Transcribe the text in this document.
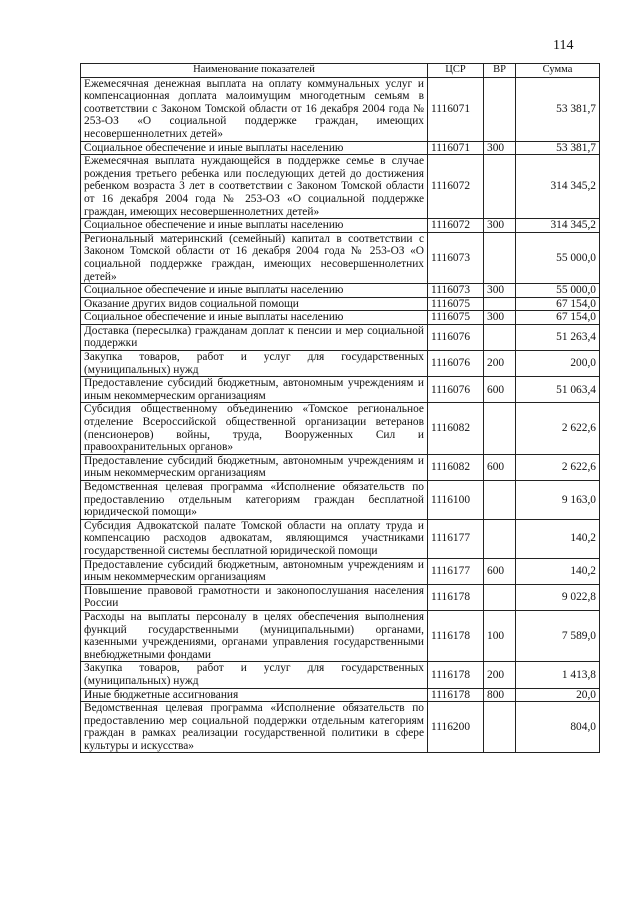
114
Наименование показателей	ЦСР	ВР	Сумма
Ежемесячная денежная выплата на оплату коммунальных услуг и компенсационная доплата малоимущим многодетным семьям в соответствии с Законом Томской области от 16 декабря 2004 года № 253-ОЗ «О социальной поддержке граждан, имеющих несовершеннолетних детей»	1116071		53 381,7
Социальное обеспечение и иные выплаты населению	1116071	300	53 381,7
Ежемесячная выплата нуждающейся в поддержке семье в случае рождения третьего ребенка или последующих детей до достижения ребенком возраста 3 лет в соответствии с Законом Томской области от 16 декабря 2004 года № 253-ОЗ «О социальной поддержке граждан, имеющих несовершеннолетних детей»	1116072		314 345,2
Социальное обеспечение и иные выплаты населению	1116072	300	314 345,2
Региональный материнский (семейный) капитал в соответствии с Законом Томской области от 16 декабря 2004 года № 253-ОЗ «О социальной поддержке граждан, имеющих несовершеннолетних детей»	1116073		55 000,0
Социальное обеспечение и иные выплаты населению	1116073	300	55 000,0
Оказание других видов социальной помощи	1116075		67 154,0
Социальное обеспечение и иные выплаты населению	1116075	300	67 154,0
Доставка (пересылка) гражданам доплат к пенсии и мер социальной поддержки	1116076		51 263,4
Закупка товаров, работ и услуг для государственных (муниципальных) нужд	1116076	200	200,0
Предоставление субсидий бюджетным, автономным учреждениям и иным некоммерческим организациям	1116076	600	51 063,4
Субсидия общественному объединению «Томское региональное отделение Всероссийской общественной организации ветеранов (пенсионеров) войны, труда, Вооруженных Сил и правоохранительных органов»	1116082		2 622,6
Предоставление субсидий бюджетным, автономным учреждениям и иным некоммерческим организациям	1116082	600	2 622,6
Ведомственная целевая программа «Исполнение обязательств по предоставлению отдельным категориям граждан бесплатной юридической помощи»	1116100		9 163,0
Субсидия Адвокатской палате Томской области на оплату труда и компенсацию расходов адвокатам, являющимся участниками государственной системы бесплатной юридической помощи	1116177		140,2
Предоставление субсидий бюджетным, автономным учреждениям и иным некоммерческим организациям	1116177	600	140,2
Повышение правовой грамотности и законопослушания населения России	1116178		9 022,8
Расходы на выплаты персоналу в целях обеспечения выполнения функций государственными (муниципальными) органами, казенными учреждениями, органами управления государственными внебюджетными фондами	1116178	100	7 589,0
Закупка товаров, работ и услуг для государственных (муниципальных) нужд	1116178	200	1 413,8
Иные бюджетные ассигнования	1116178	800	20,0
Ведомственная целевая программа «Исполнение обязательств по предоставлению мер социальной поддержки отдельным категориям граждан в рамках реализации государственной политики в сфере культуры и искусства»	1116200		804,0
